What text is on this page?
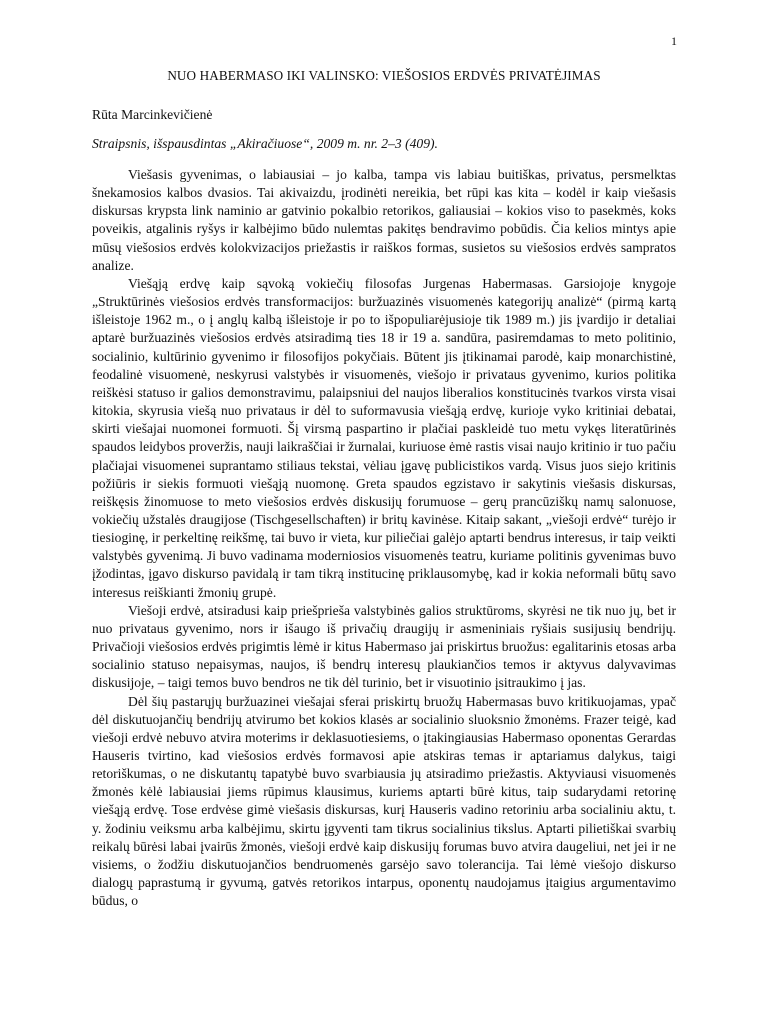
1
NUO HABERMASO IKI VALINSKO: VIEŠOSIOS ERDVĖS PRIVATĖJIMAS
Rūta Marcinkevičienė
Straipsnis, išspausdintas „Akiračiuose“, 2009 m. nr. 2–3 (409).

Viešasis gyvenimas, o labiausiai – jo kalba, tampa vis labiau buitiškas, privatus, persmelktas šnekamosios kalbos dvasios. Tai akivaizdu, įrodinėti nereikia, bet rūpi kas kita – kodėl ir kaip viešasis diskursas krypsta link naminio ar gatvinio pokalbio retorikos, galiausiai – kokios viso to pasekmės, koks poveikis, atgalinis ryšys ir kalbėjimo būdo nulemtas pakitęs bendravimo pobūdis. Čia kelios mintys apie mūsų viešosios erdvės kolokvizacijos priežastis ir raiškos formas, susietos su viešosios erdvės sampratos analize.

Viešąją erdvę kaip sąvoką vokiečių filosofas Jurgenas Habermasas. Garsiojoje knygoje „Struktūrinės viešosios erdvės transformacijos: buržuazinės visuomenės kategorijų analizė“ (pirmą kartą išleistoje 1962 m., o į anglų kalbą išleistoje ir po to išpopuliarėjusioje tik 1989 m.) jis įvardijo ir detaliai aptarė buržuazinės viešosios erdvės atsiradimą ties 18 ir 19 a. sandūra, pasiremdamas to meto politinio, socialinio, kultūrinio gyvenimo ir filosofijos pokyčiais. Būtent jis įtikinamai parodė, kaip monarchistinė, feodalinė visuomenė, neskyrusi valstybės ir visuomenės, viešojo ir privataus gyvenimo, kurios politika reiškėsi statuso ir galios demonstravimu, palaipsniui del naujos liberalios konstitucinės tvarkos virsta visai kitokia, skyrusia viešą nuo privataus ir dėl to suformavusia viešąją erdvę, kurioje vyko kritiniai debatai, skirti viešajai nuomonei formuoti. Šį virsmą paspartino ir plačiai paskleidė tuo metu vykęs literatūrinės spaudos leidybos proveržis, nauji laikraščiai ir žurnalai, kuriuose ėmė rastis visai naujo kritinio ir tuo pačiu plačiajai visuomenei suprantamo stiliaus tekstai, vėliau įgavę publicistikos vardą. Visus juos siejo kritinis požiūris ir siekis formuoti viešąją nuomonę. Greta spaudos egzistavo ir sakytinis viešasis diskursas, reiškęsis žinomuose to meto viešosios erdvės diskusijų forumuose – gerų prancūziškų namų salonuose, vokiečių užstalės draugijose (Tischgesellschaften) ir britų kavinėse. Kitaip sakant, „viešoji erdvė“ turėjo ir tiesioginę, ir perkeltinę reikšmę, tai buvo ir vieta, kur piliečiai galėjo aptarti bendrus interesus, ir taip veikti valstybės gyvenimą. Ji buvo vadinama moderniosios visuomenės teatru, kuriame politinis gyvenimas buvo įžodintas, įgavo diskurso pavidalą ir tam tikrą institucinę priklausomybę, kad ir kokia neformali būtų savo interesus reiškianti žmonių grupė.

Viešoji erdvė, atsiradusi kaip priešprieša valstybinės galios struktūroms, skyrėsi ne tik nuo jų, bet ir nuo privataus gyvenimo, nors ir išaugo iš privačių draugijų ir asmeniniais ryšiais susijusių bendrijų. Privačioji viešosios erdvės prigimtis lėmė ir kitus Habermaso jai priskirtus bruožus: egalitarinis etosas arba socialinio statuso nepaisymas, naujos, iš bendrų interesų plaukiančios temos ir aktyvus dalyvavimas diskusijoje, – taigi temos buvo bendros ne tik dėl turinio, bet ir visuotinio įsitraukimo į jas.

Dėl šių pastarųjų buržuazinei viešajai sferai priskirtų bruožų Habermasas buvo kritikuojamas, ypač dėl diskutuojančių bendrijų atvirumo bet kokios klasės ar socialinio sluoksnio žmonėms. Frazer teigė, kad viešoji erdvė nebuvo atvira moterims ir deklasuotiesiems, o įtakingiausias Habermaso oponentas Gerardas Hauseris tvirtino, kad viešosios erdvės formavosi apie atskiras temas ir aptariamus dalykus, taigi retoriškumas, o ne diskutantų tapatybė buvo svarbiausia jų atsiradimo priežastis. Aktyviausi visuomenės žmonės kėlė labiausiai jiems rūpimus klausimus, kuriems aptarti būrė kitus, taip sudarydami retorinę viešąją erdvę. Tose erdvėse gimė viešasis diskursas, kurį Hauseris vadino retoriniu arba socialiniu aktu, t. y. žodiniu veiksmu arba kalbėjimu, skirtu įgyventi tam tikrus socialinius tikslus. Aptarti pilietiškai svarbių reikalų būrėsi labai įvairūs žmonės, viešoji erdvė kaip diskusijų forumas buvo atvira daugeliui, net jei ir ne visiems, o žodžiu diskutuojančios bendruomenės garsėjo savo tolerancija. Tai lėmė viešojo diskurso dialogų paprastumą ir gyvumą, gatvės retorikos intarpus, oponentų naudojamus įtaigius argumentavimo būdus, o
